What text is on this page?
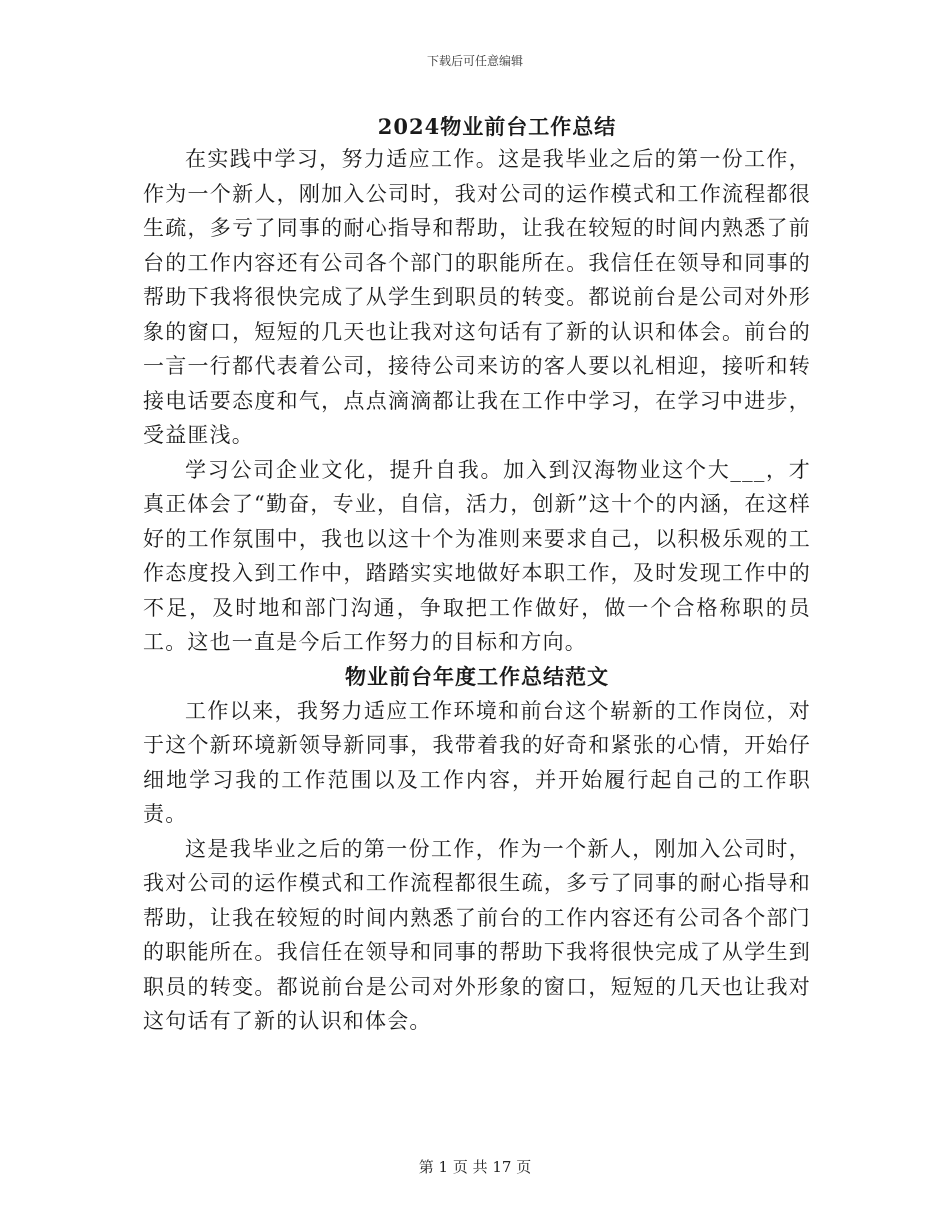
下载后可任意编辑
2024物业前台工作总结

在实践中学习，努力适应工作。这是我毕业之后的第一份工作，作为一个新人，刚加入公司时，我对公司的运作模式和工作流程都很生疏，多亏了同事的耐心指导和帮助，让我在较短的时间内熟悉了前台的工作内容还有公司各个部门的职能所在。我信任在领导和同事的帮助下我将很快完成了从学生到职员的转变。都说前台是公司对外形象的窗口，短短的几天也让我对这句话有了新的认识和体会。前台的一言一行都代表着公司，接待公司来访的客人要以礼相迎，接听和转接电话要态度和气，点点滴滴都让我在工作中学习，在学习中进步，受益匪浅。

学习公司企业文化，提升自我。加入到汉海物业这个大___，才真正体会了“勤奋，专业，自信，活力，创新”这十个的内涵，在这样好的工作氛围中，我也以这十个为准则来要求自己，以积极乐观的工作态度投入到工作中，踏踏实实地做好本职工作，及时发现工作中的不足，及时地和部门沟通，争取把工作做好，做一个合格称职的员工。这也一直是今后工作努力的目标和方向。

物业前台年度工作总结范文

工作以来，我努力适应工作环境和前台这个崭新的工作岗位，对于这个新环境新领导新同事，我带着我的好奇和紧张的心情，开始仔细地学习我的工作范围以及工作内容，并开始履行起自己的工作职责。

这是我毕业之后的第一份工作，作为一个新人，刚加入公司时，我对公司的运作模式和工作流程都很生疏，多亏了同事的耐心指导和帮助，让我在较短的时间内熟悉了前台的工作内容还有公司各个部门的职能所在。我信任在领导和同事的帮助下我将很快完成了从学生到职员的转变。都说前台是公司对外形象的窗口，短短的几天也让我对这句话有了新的认识和体会。

第 1 页 共 17 页
